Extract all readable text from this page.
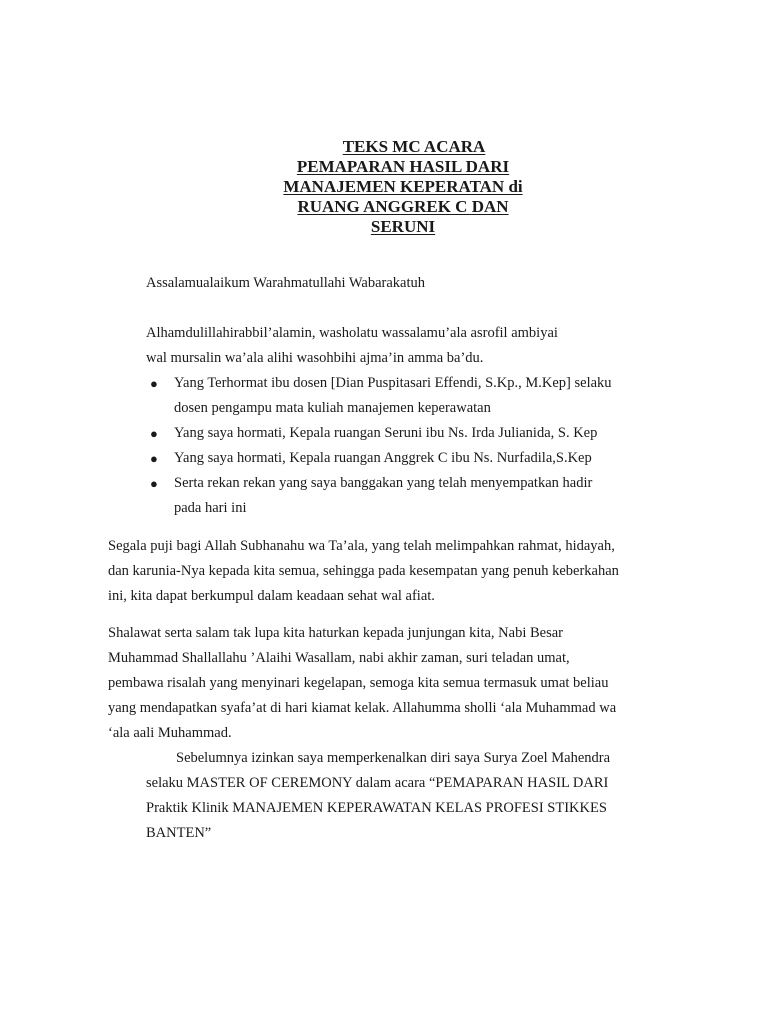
TEKS MC ACARA
PEMAPARAN HASIL DARI
MANAJEMEN KEPERATAN di
RUANG ANGGREK C DAN
SERUNI
Assalamualaikum Warahmatullahi Wabarakatuh
Alhamdulillahirabbil’alamin, washolatu wassalamu’ala asrofil ambiyai
wal mursalin wa’ala alihi wasohbihi ajma’in amma ba’du.
● Yang Terhormat ibu dosen [Dian Puspitasari Effendi, S.Kp., M.Kep] selaku
dosen pengampu mata kuliah manajemen keperawatan
● Yang saya hormati, Kepala ruangan Seruni ibu Ns. Irda Julianida, S. Kep
● Yang saya hormati, Kepala ruangan Anggrek C ibu Ns. Nurfadila,S.Kep
● Serta rekan rekan yang saya banggakan yang telah menyempatkan hadir
pada hari ini
Segala puji bagi Allah Subhanahu wa Ta’ala, yang telah melimpahkan rahmat, hidayah,
dan karunia-Nya kepada kita semua, sehingga pada kesempatan yang penuh keberkahan
ini, kita dapat berkumpul dalam keadaan sehat wal afiat.
Shalawat serta salam tak lupa kita haturkan kepada junjungan kita, Nabi Besar
Muhammad Shallallahu ’Alaihi Wasallam, nabi akhir zaman, suri teladan umat,
pembawa risalah yang menyinari kegelapan, semoga kita semua termasuk umat beliau
yang mendapatkan syafa’at di hari kiamat kelak. Allahumma sholli ‘ala Muhammad wa
‘ala aali Muhammad.
Sebelumnya izinkan saya memperkenalkan diri saya Surya Zoel Mahendra
selaku MASTER OF CEREMONY dalam acara “PEMAPARAN HASIL DARI
Praktik Klinik MANAJEMEN KEPERAWATAN KELAS PROFESI STIKKES
BANTEN”
